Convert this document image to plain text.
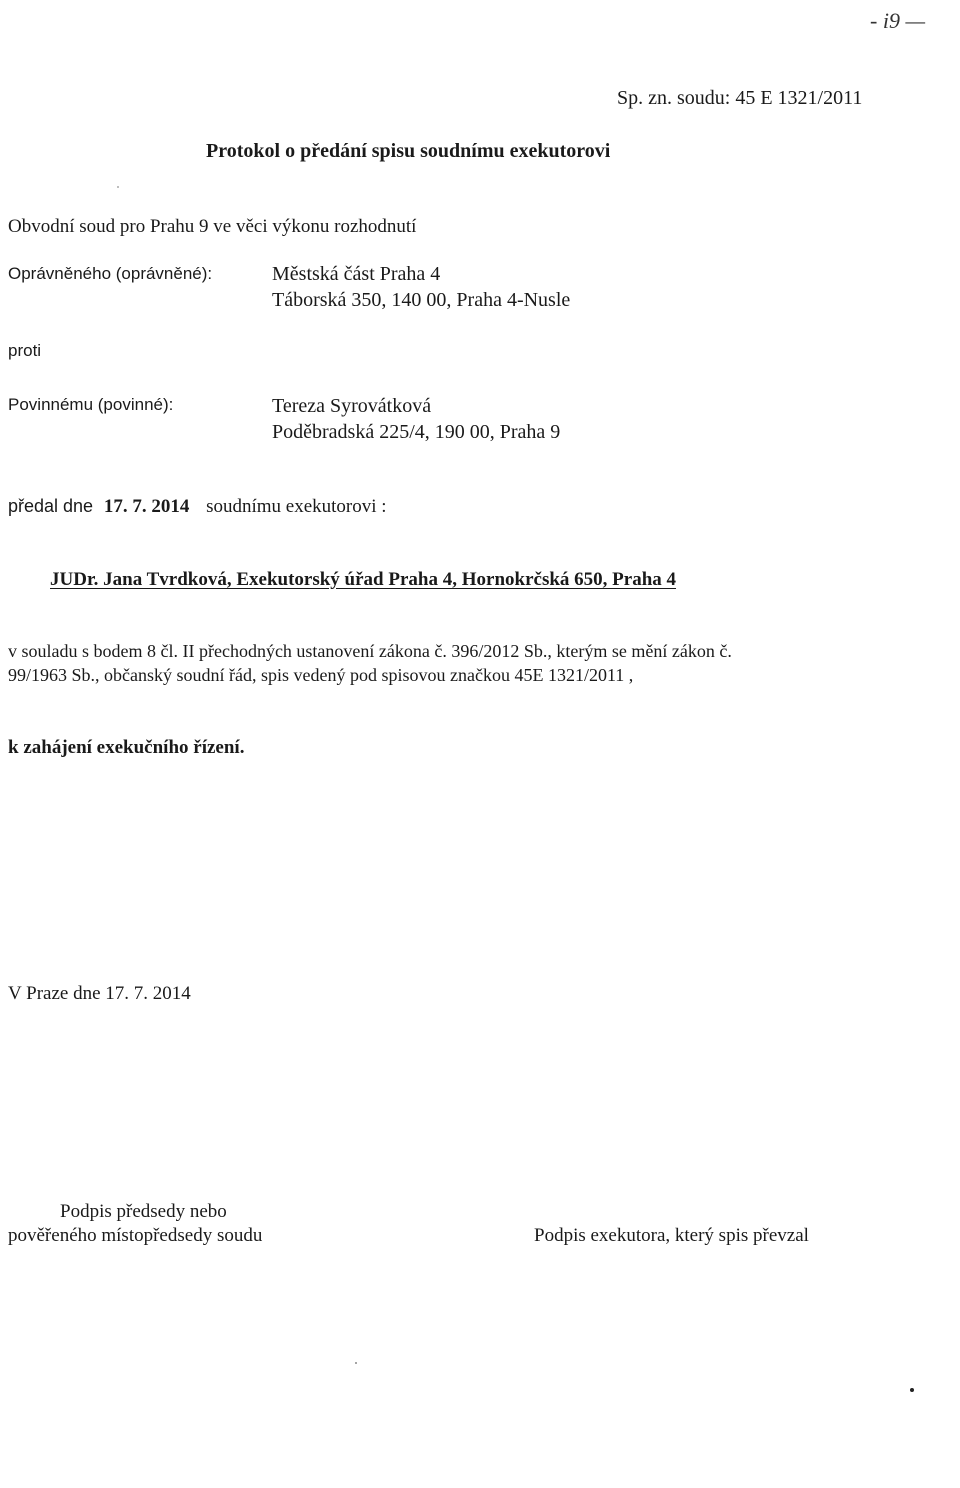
- i9 —
Sp. zn. soudu: 45 E 1321/2011
Protokol o předání spisu soudnímu exekutorovi
Obvodní soud pro Prahu 9 ve věci výkonu rozhodnutí
Oprávněného (oprávněné):	Městská část Praha 4
Táborská 350, 140 00, Praha 4-Nusle
proti
Povinnému (povinné):	Tereza Syrovátková
Poděbradská 225/4, 190 00, Praha 9
předal dne 17. 7. 2014 soudnímu exekutorovi :
JUDr. Jana Tvrdková, Exekutorský úřad Praha 4, Hornokrčská 650, Praha 4
v souladu s bodem 8 čl. II přechodných ustanovení zákona č. 396/2012 Sb., kterým se mění zákon č.
99/1963 Sb., občanský soudní řád, spis vedený pod spisovou značkou 45E 1321/2011 ,
k zahájení exekučního řízení.
V Praze dne 17. 7. 2014
Podpis předsedy nebo
pověřeného místopředsedy soudu	Podpis exekutora, který spis převzal
